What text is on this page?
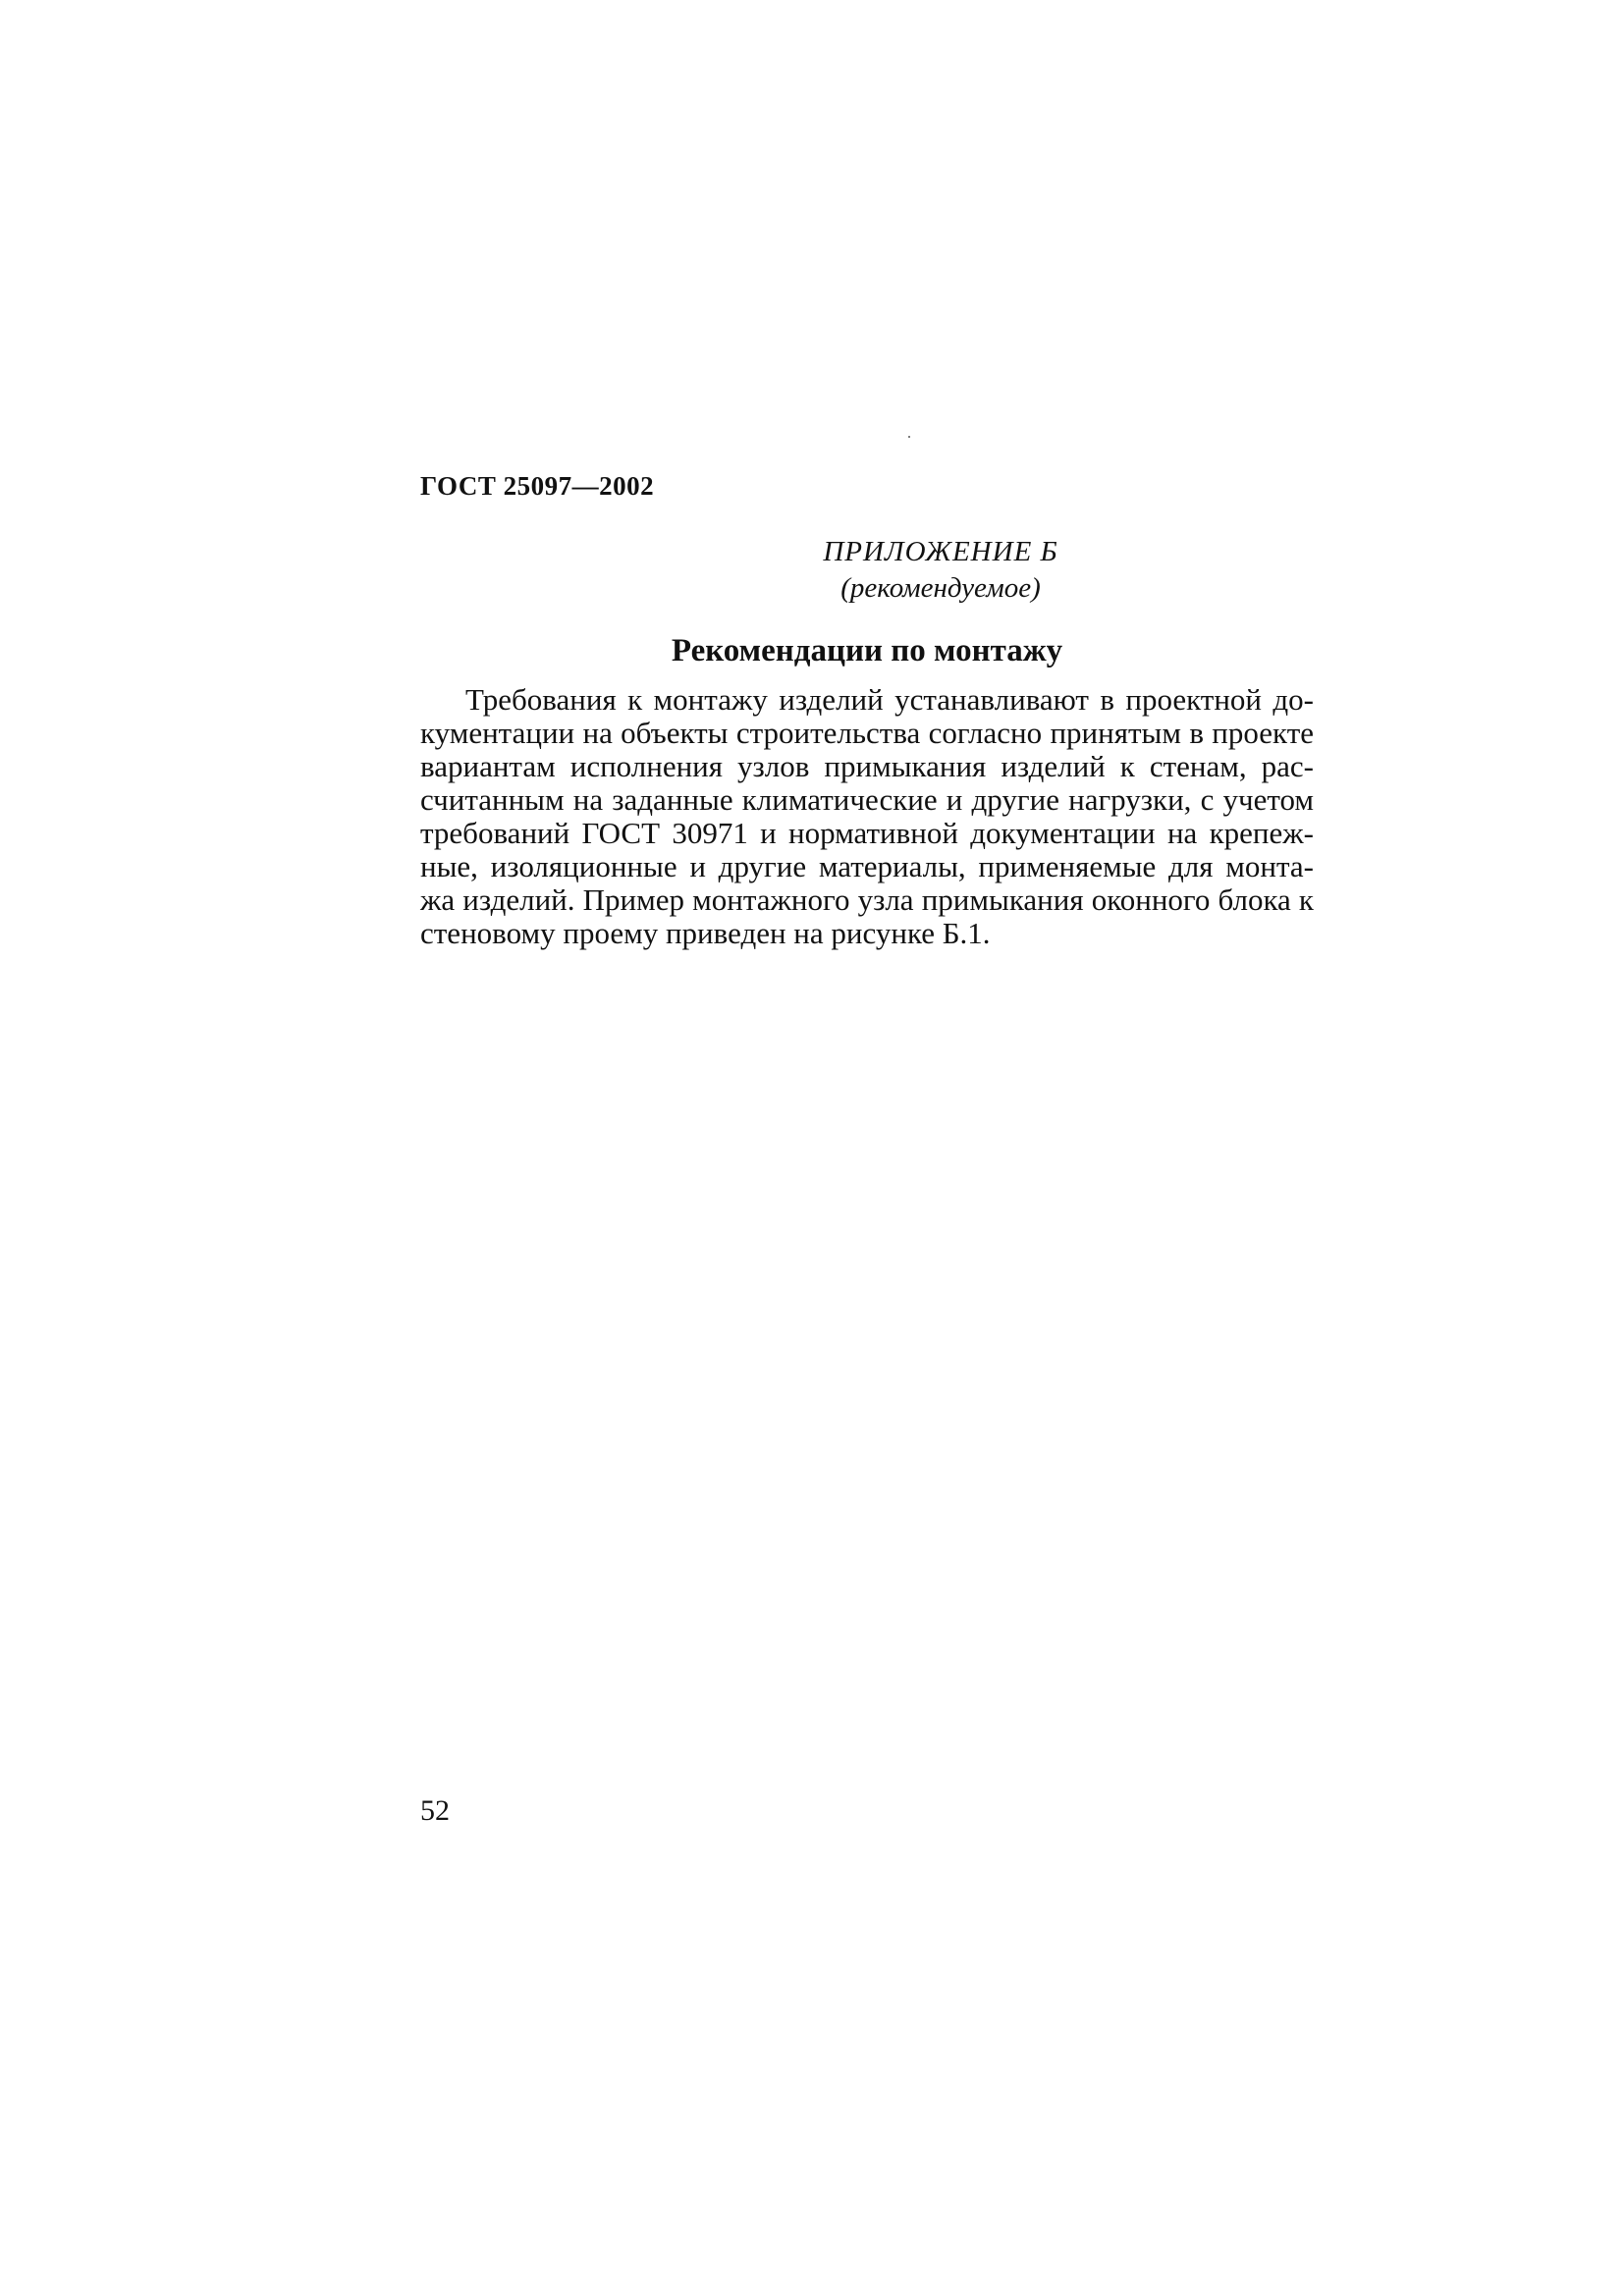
ГОСТ 25097—2002
ПРИЛОЖЕНИЕ Б
(рекомендуемое)
Рекомендации по монтажу
Требования к монтажу изделий устанавливают в проектной до-
кументации на объекты строительства согласно принятым в проекте
вариантам исполнения узлов примыкания изделий к стенам, рас-
считанным на заданные климатические и другие нагрузки, с учетом
требований ГОСТ 30971 и нормативной документации на крепеж-
ные, изоляционные и другие материалы, применяемые для монта-
жа изделий. Пример монтажного узла примыкания оконного блока к
стеновому проему приведен на рисунке Б.1.
52
